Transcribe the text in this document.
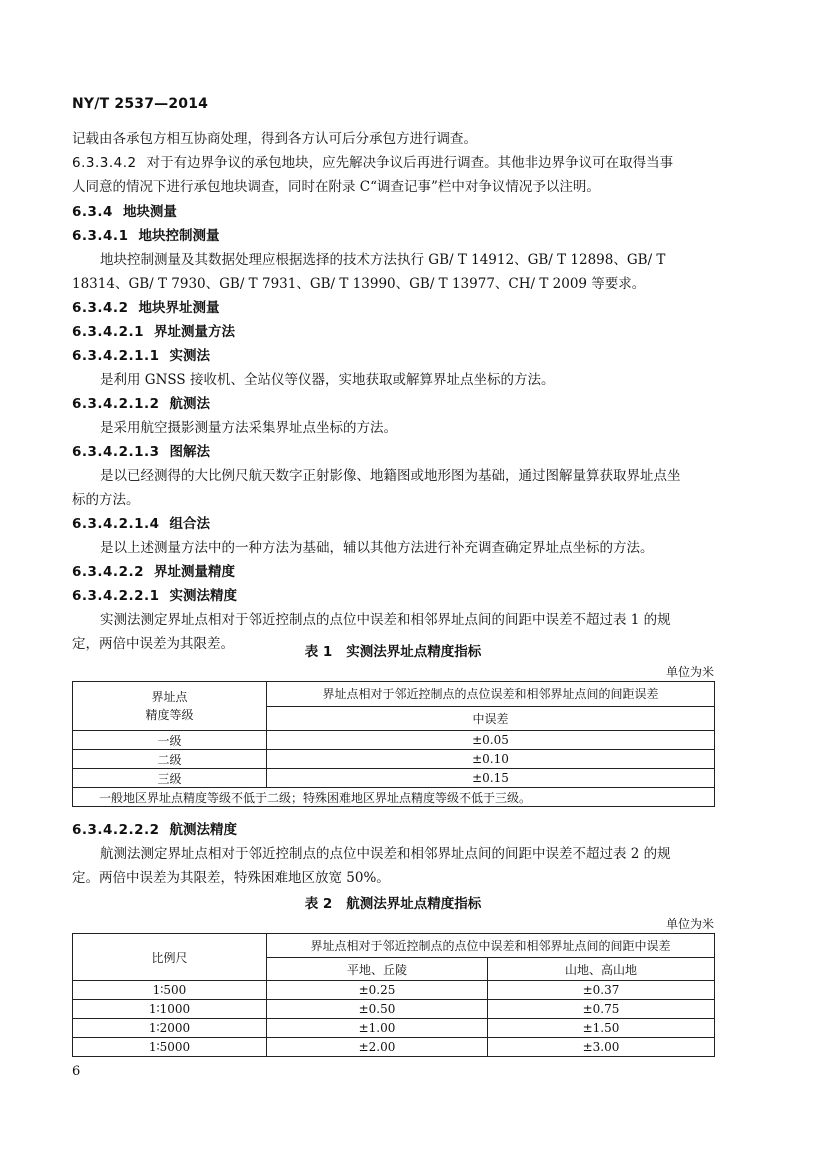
NY/T 2537—2014
记载由各承包方相互协商处理，得到各方认可后分承包方进行调查。
6.3.3.4.2 对于有边界争议的承包地块，应先解决争议后再进行调查。其他非边界争议可在取得当事
人同意的情况下进行承包地块调查，同时在附录 C“调查记事”栏中对争议情况予以注明。
6.3.4 地块测量
6.3.4.1 地块控制测量
地块控制测量及其数据处理应根据选择的技术方法执行 GB/ T 14912、GB/ T 12898、GB/ T
18314、GB/ T 7930、GB/ T 7931、GB/ T 13990、GB/ T 13977、CH/ T 2009 等要求。
6.3.4.2 地块界址测量
6.3.4.2.1 界址测量方法
6.3.4.2.1.1 实测法
是利用 GNSS 接收机、全站仪等仪器，实地获取或解算界址点坐标的方法。
6.3.4.2.1.2 航测法
是采用航空摄影测量方法采集界址点坐标的方法。
6.3.4.2.1.3 图解法
是以已经测得的大比例尺航天数字正射影像、地籍图或地形图为基础，通过图解量算获取界址点坐
标的方法。
6.3.4.2.1.4 组合法
是以上述测量方法中的一种方法为基础，辅以其他方法进行补充调查确定界址点坐标的方法。
6.3.4.2.2 界址测量精度
6.3.4.2.2.1 实测法精度
实测法测定界址点相对于邻近控制点的点位中误差和相邻界址点间的间距中误差不超过表 1 的规
定，两倍中误差为其限差。	表 1 实测法界址点精度指标
单位为米
界址点
精度等级	界址点相对于邻近控制点的点位误差和相邻界址点间的间距误差
	中误差
一级	±0.05
二级	±0.10
三级	±0.15
一般地区界址点精度等级不低于二级；特殊困难地区界址点精度等级不低于三级。	
6.3.4.2.2.2 航测法精度
航测法测定界址点相对于邻近控制点的点位中误差和相邻界址点间的间距中误差不超过表 2 的规
定。两倍中误差为其限差，特殊困难地区放宽 50%。
表 2 航测法界址点精度指标
单位为米
比例尺	界址点相对于邻近控制点的点位中误差和相邻界址点间的间距中误差	
	平地、丘陵	山地、高山地
1∶500	±0.25	±0.37
1∶1000	±0.50	±0.75
1∶2000	±1.00	±1.50
1∶5000	±2.00	±3.00
6
